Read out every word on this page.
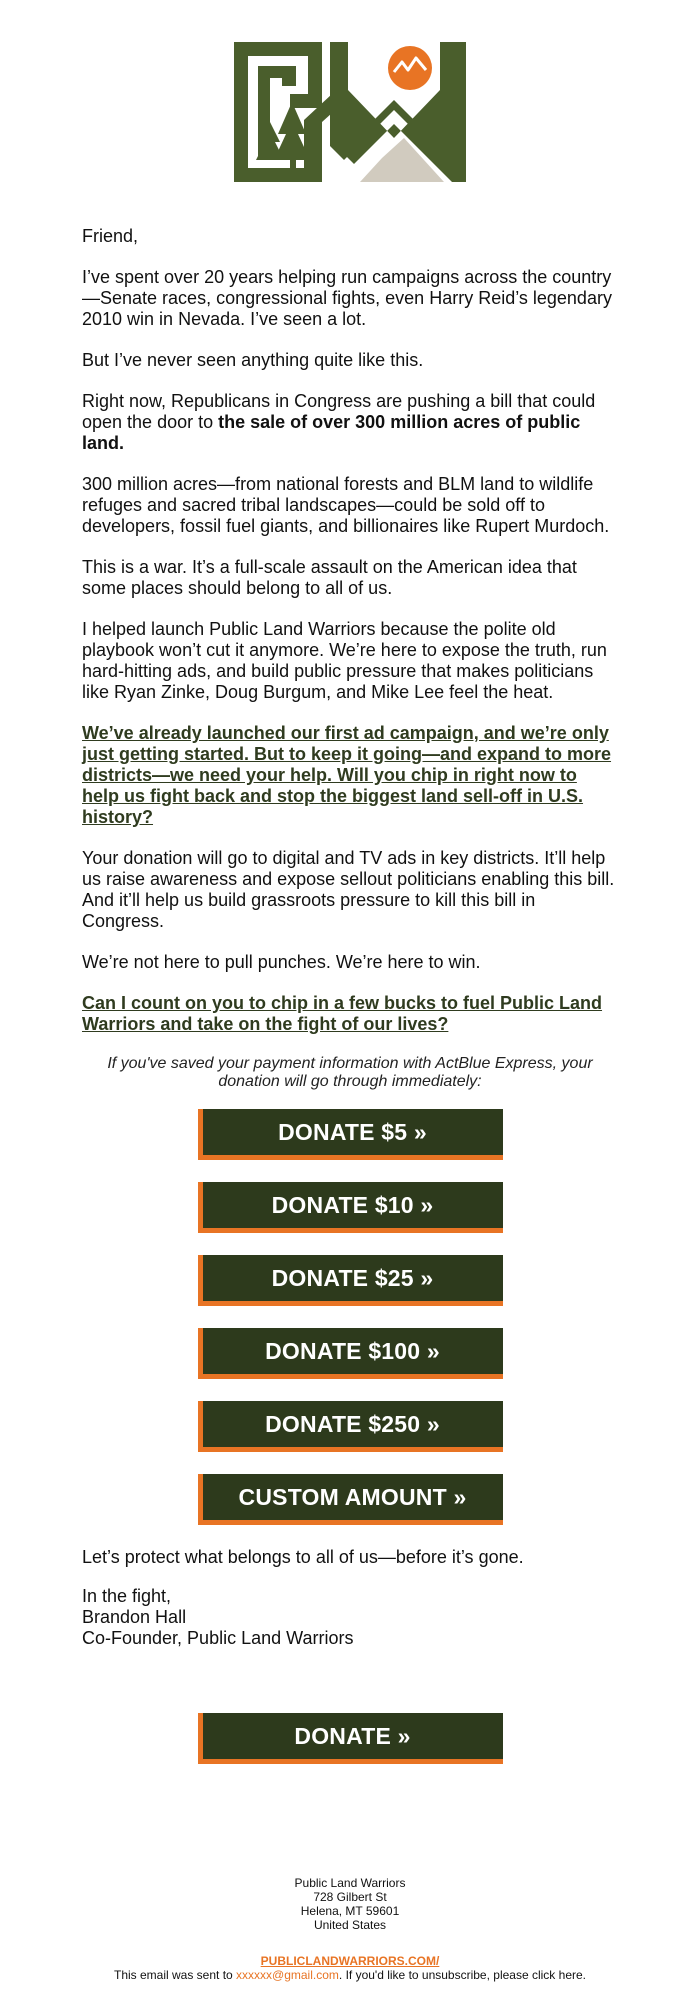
Friend,

I’ve spent over 20 years helping run campaigns across the country—Senate races, congressional fights, even Harry Reid’s legendary 2010 win in Nevada. I’ve seen a lot.

But I’ve never seen anything quite like this.

Right now, Republicans in Congress are pushing a bill that could open the door to the sale of over 300 million acres of public land.

300 million acres—from national forests and BLM land to wildlife refuges and sacred tribal landscapes—could be sold off to developers, fossil fuel giants, and billionaires like Rupert Murdoch.

This is a war. It’s a full-scale assault on the American idea that some places should belong to all of us.

I helped launch Public Land Warriors because the polite old playbook won’t cut it anymore. We’re here to expose the truth, run hard-hitting ads, and build public pressure that makes politicians like Ryan Zinke, Doug Burgum, and Mike Lee feel the heat.

We’ve already launched our first ad campaign, and we’re only just getting started. But to keep it going—and expand to more districts—we need your help. Will you chip in right now to help us fight back and stop the biggest land sell-off in U.S. history?

Your donation will go to digital and TV ads in key districts. It’ll help us raise awareness and expose sellout politicians enabling this bill. And it’ll help us build grassroots pressure to kill this bill in Congress.

We’re not here to pull punches. We’re here to win.

Can I count on you to chip in a few bucks to fuel Public Land Warriors and take on the fight of our lives?
If you've saved your payment information with ActBlue Express, your donation will go through immediately:
DONATE $5 »
DONATE $10 »
DONATE $25 »
DONATE $100 »
DONATE $250 »
CUSTOM AMOUNT »

Let’s protect what belongs to all of us—before it’s gone.

In the fight,

Brandon Hall

Co-Founder, Public Land Warriors

DONATE »
Public Land Warriors
728 Gilbert St
Helena, MT 59601
United States
PUBLICLANDWARRIORS.COM/
This email was sent to xxxxxx@gmail.com. If you'd like to unsubscribe, please click here.
